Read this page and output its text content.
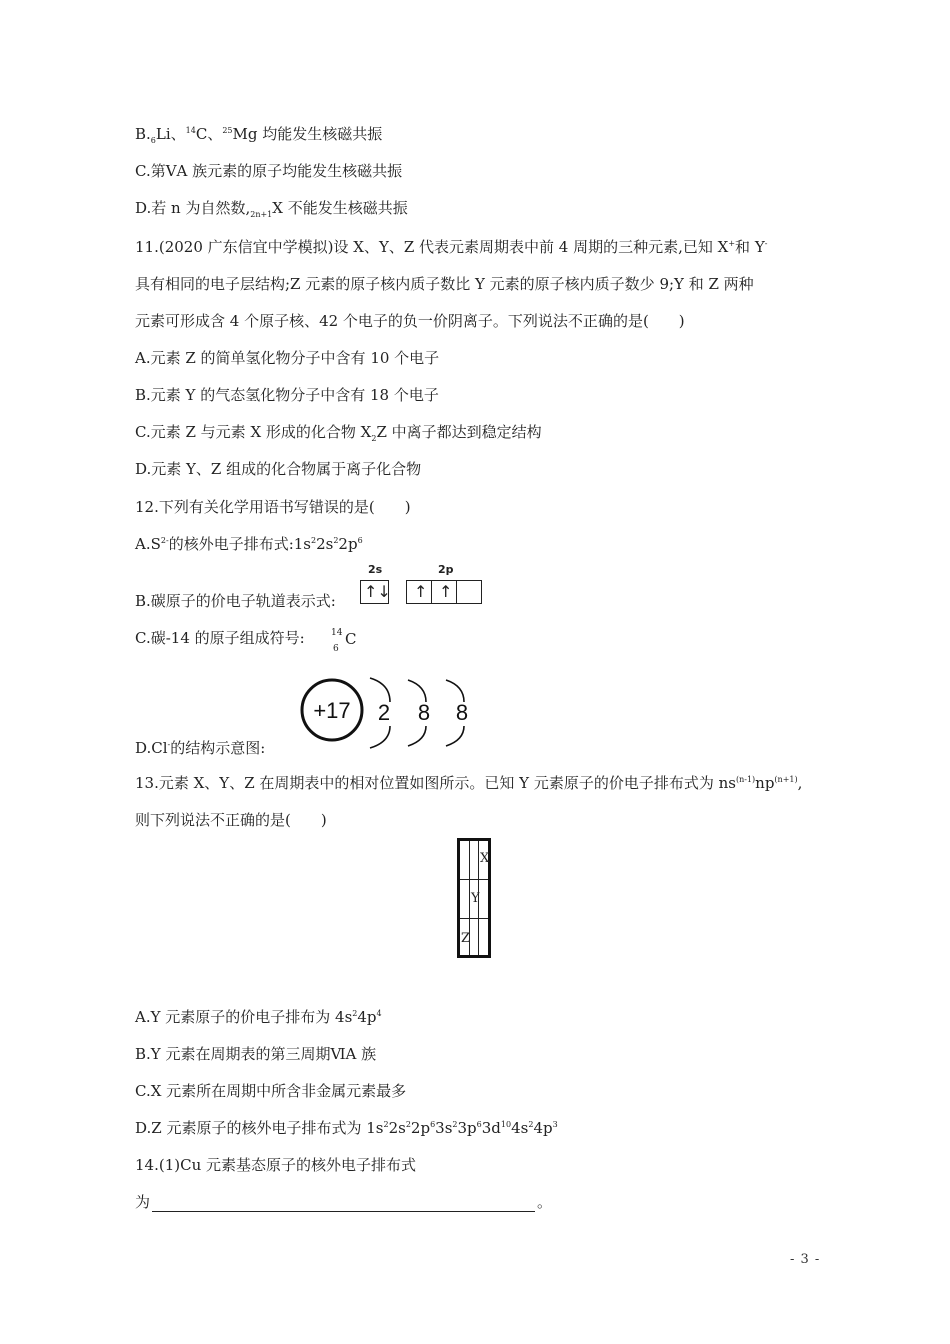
$B._6Li$、$^{14}$C、$^{25}$Mg 均能发生核磁共振
C.第ⅤA 族元素的原子均能发生核磁共振
D.若 n 为自然数$,_{2n+1}X$ 不能发生核磁共振
11.(2020 广东信宜中学模拟)设 X、Y、Z 代表元素周期表中前 4 周期的三种元素,已知 X+和 Y-
具有相同的电子层结构;Z 元素的原子核内质子数比 Y 元素的原子核内质子数少 9;Y 和 Z 两种
元素可形成含 4 个原子核、42 个电子的负一价阴离子。下列说法不正确的是(　　)
A.元素 Z 的简单氢化物分子中含有 10 个电子
B.元素 Y 的气态氢化物分子中含有 18 个电子
C.元素 Z 与元素 X 形成的化合物 $X_2Z$ 中离子都达到稳定结构
D.元素 Y、Z 组成的化合物属于离子化合物
12.下列有关化学用语书写错误的是(　　)
$A.S^{2-}$的核外电子排布式$:1s^22s^22p^6$
B.碳原子的价电子轨道表示式:
2s	2p
↑↓ ↑ ↑
C.碳-14 的原子组成符号:	14
6
C
+17 2 8 8
D.Cl-的结构示意图:
13.元素 X、Y、Z 在周期表中的相对位置如图所示。已知 Y 元素原子的价电子排布式为 $ns^{(n-1)}np^{(n+1)}$,
则下列说法不正确的是(　　)
X
Y
Z
A.Y 元素原子的价电子排布为 $4s^24p^4$
B.Y 元素在周期表的第三周期ⅥA 族
C.X 元素所在周期中所含非金属元素最多
D.Z 元素原子的核外电子排布式为 $1s^22s^22p^63s^23p^63d^{10}4s^24p^3$
14.(1)Cu 元素基态原子的核外电子排布式
为	。
- 3 -
